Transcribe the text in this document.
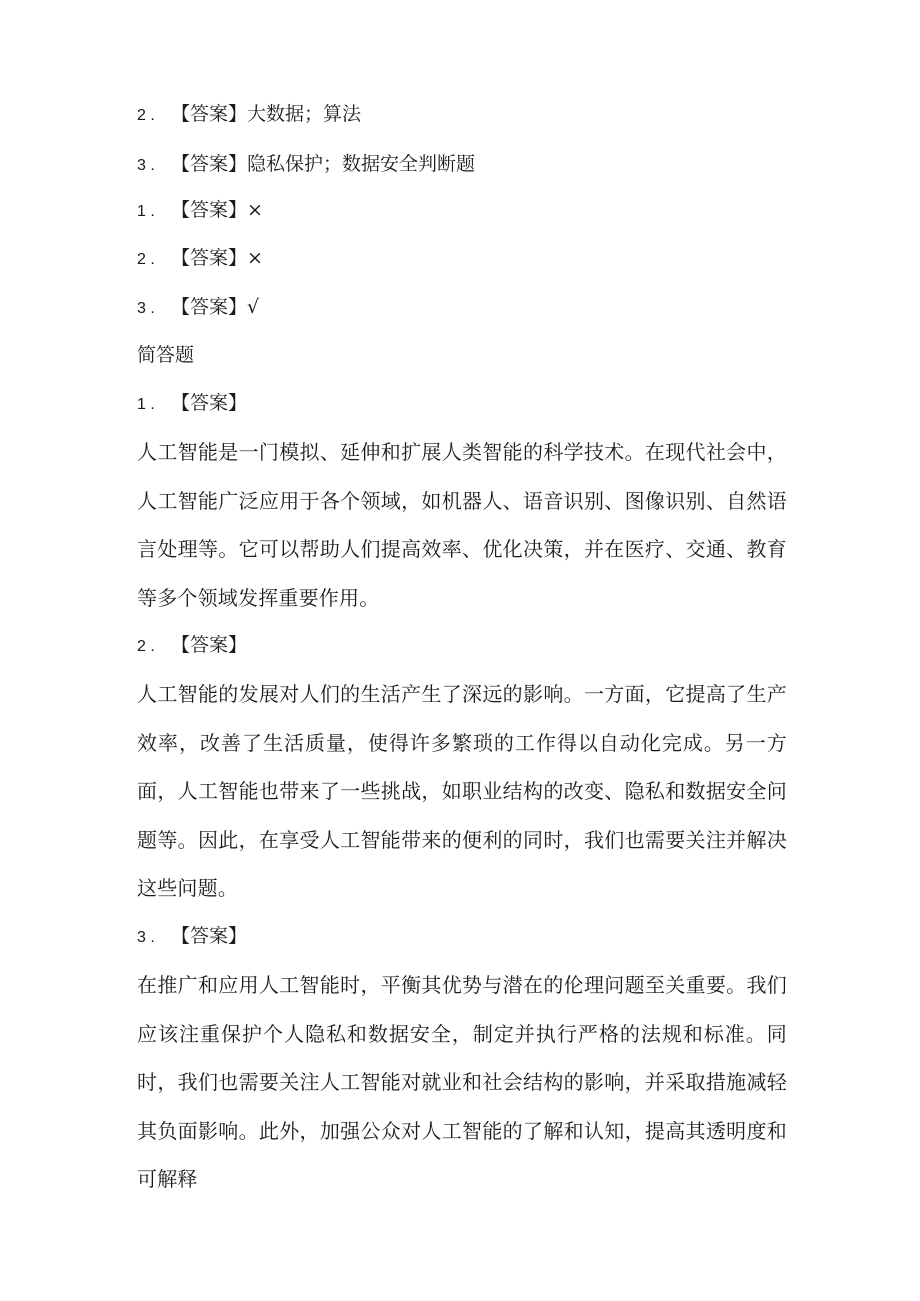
2 . 【答案】大数据；算法
3 . 【答案】隐私保护；数据安全判断题
1 . 【答案】×
2 . 【答案】×
3 . 【答案】√
简答题
1 . 【答案】
人工智能是一门模拟、延伸和扩展人类智能的科学技术。在现代社会中，人工智能广泛应用于各个领域，如机器人、语音识别、图像识别、自然语言处理等。它可以帮助人们提高效率、优化决策，并在医疗、交通、教育等多个领域发挥重要作用。
2 . 【答案】
人工智能的发展对人们的生活产生了深远的影响。一方面，它提高了生产效率，改善了生活质量，使得许多繁琐的工作得以自动化完成。另一方面，人工智能也带来了一些挑战，如职业结构的改变、隐私和数据安全问题等。因此，在享受人工智能带来的便利的同时，我们也需要关注并解决这些问题。
3 . 【答案】
在推广和应用人工智能时，平衡其优势与潜在的伦理问题至关重要。我们应该注重保护个人隐私和数据安全，制定并执行严格的法规和标准。同时，我们也需要关注人工智能对就业和社会结构的影响，并采取措施减轻其负面影响。此外，加强公众对人工智能的了解和认知，提高其透明度和可解释
